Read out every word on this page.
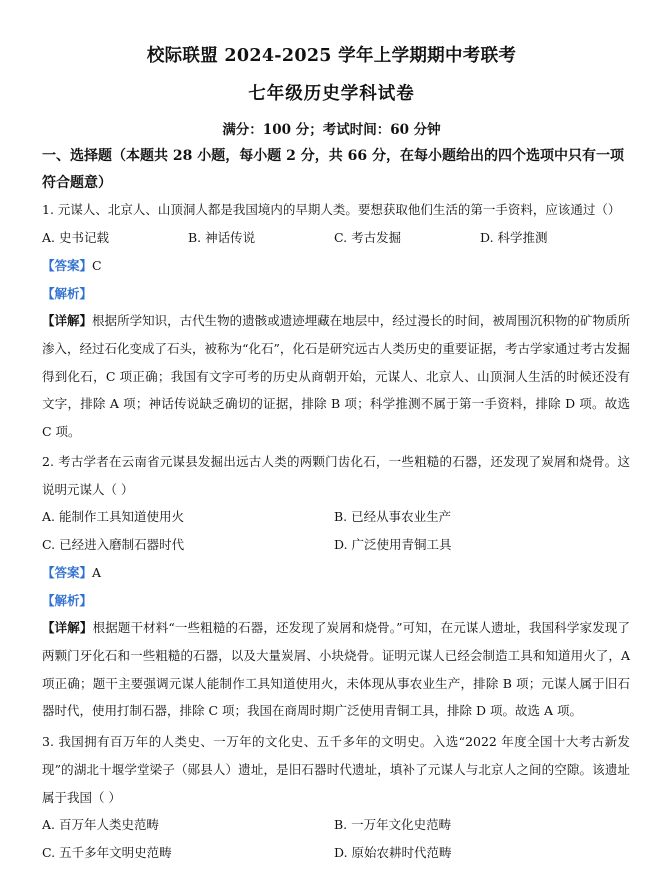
校际联盟 2024-2025 学年上学期期中考联考
七年级历史学科试卷
满分：100 分；考试时间：60 分钟
一、选择题（本题共 28 小题，每小题 2 分，共 66 分，在每小题给出的四个选项中只有一项符合题意）
1. 元谋人、北京人、山顶洞人都是我国境内的早期人类。要想获取他们生活的第一手资料，应该通过（）
A. 史书记载	B. 神话传说	C. 考古发掘	D. 科学推测
【答案】C
【解析】
【详解】根据所学知识，古代生物的遗骸或遗迹埋藏在地层中，经过漫长的时间，被周围沉积物的矿物质所渗入，经过石化变成了石头，被称为“化石”，化石是研究远古人类历史的重要证据，考古学家通过考古发掘得到化石，C 项正确；我国有文字可考的历史从商朝开始，元谋人、北京人、山顶洞人生活的时候还没有文字，排除 A 项；神话传说缺乏确切的证据，排除 B 项；科学推测不属于第一手资料，排除 D 项。故选 C 项。
2. 考古学者在云南省元谋县发掘出远古人类的两颗门齿化石，一些粗糙的石器，还发现了炭屑和烧骨。这说明元谋人（ ）
A. 能制作工具知道使用火	B. 已经从事农业生产
C. 已经进入磨制石器时代	D. 广泛使用青铜工具
【答案】A
【解析】
【详解】根据题干材料“一些粗糙的石器，还发现了炭屑和烧骨。”可知，在元谋人遗址，我国科学家发现了两颗门牙化石和一些粗糙的石器，以及大量炭屑、小块烧骨。证明元谋人已经会制造工具和知道用火了，A 项正确；题干主要强调元谋人能制作工具知道使用火，未体现从事农业生产，排除 B 项；元谋人属于旧石器时代，使用打制石器，排除 C 项；我国在商周时期广泛使用青铜工具，排除 D 项。故选 A 项。
3. 我国拥有百万年的人类史、一万年的文化史、五千多年的文明史。入选“2022 年度全国十大考古新发现”的湖北十堰学堂梁子（郧县人）遗址，是旧石器时代遗址，填补了元谋人与北京人之间的空隙。该遗址属于我国（ ）
A. 百万年人类史范畴	B. 一万年文化史范畴
C. 五千多年文明史范畴	D. 原始农耕时代范畴
